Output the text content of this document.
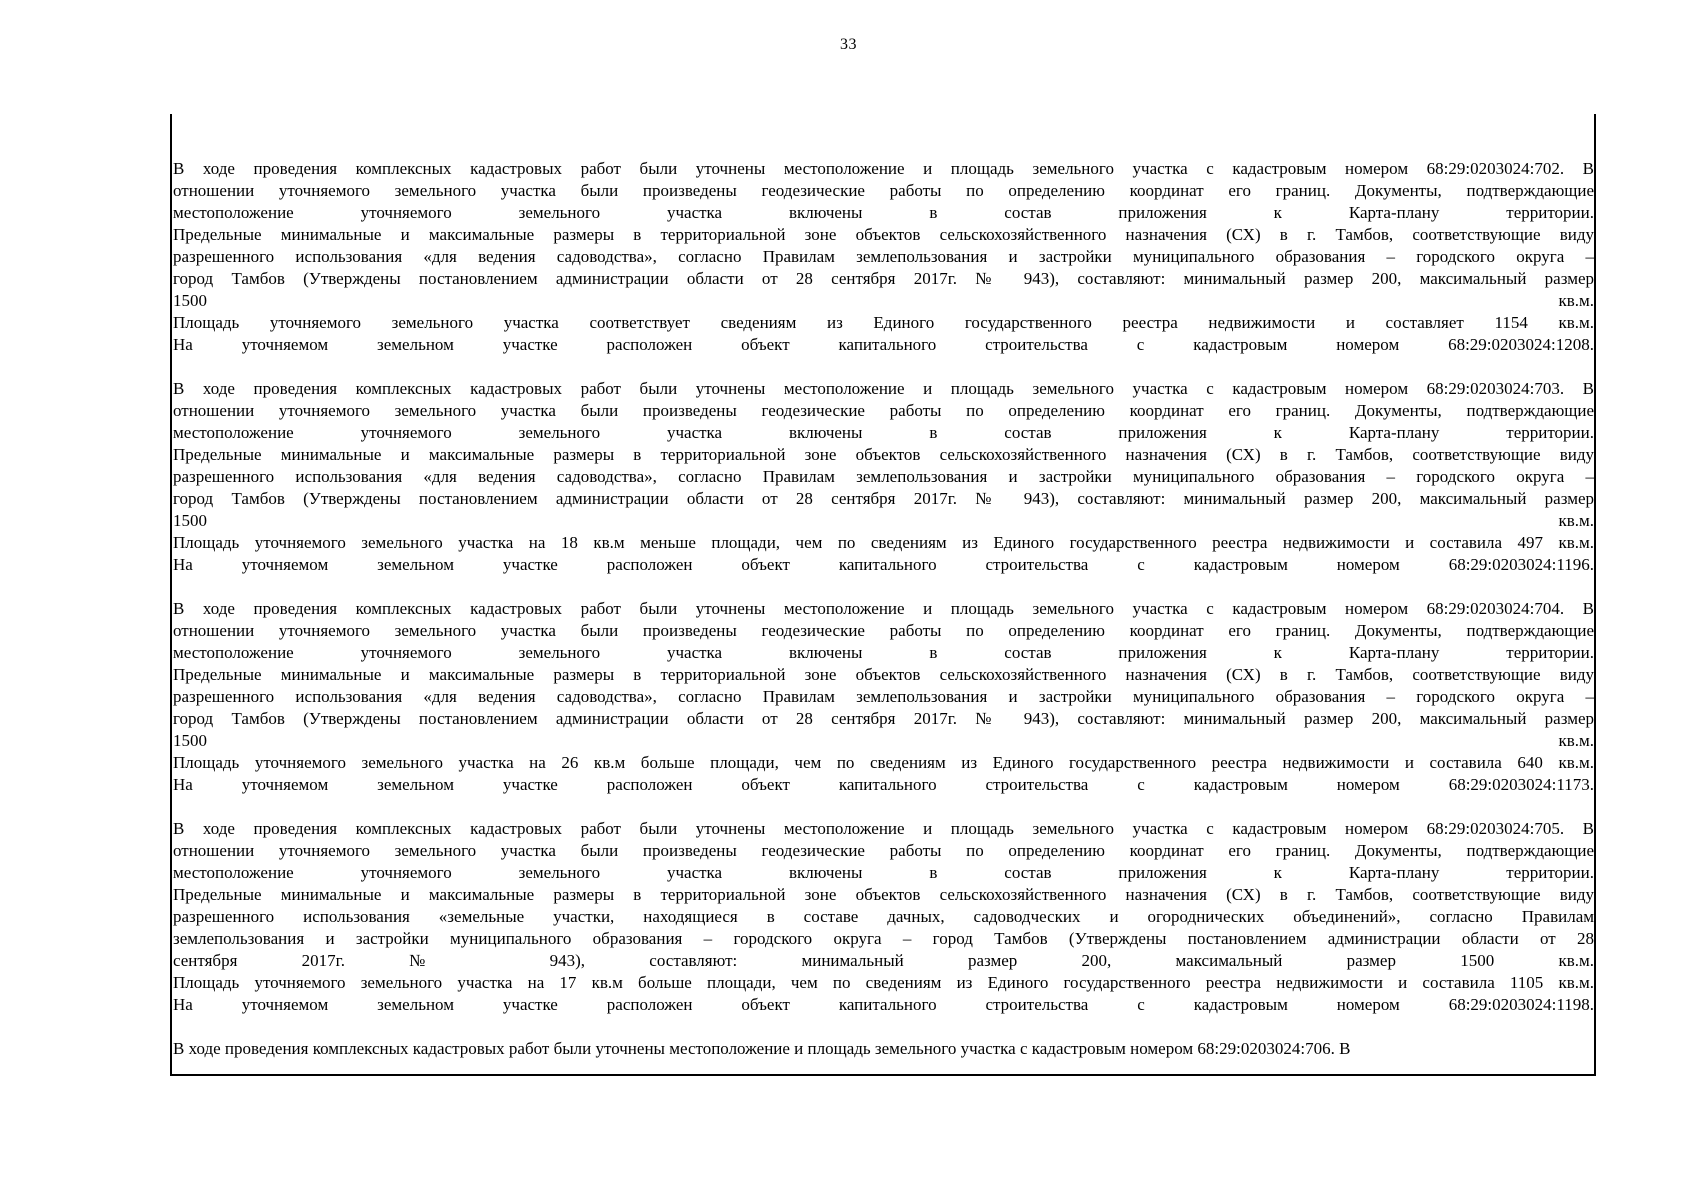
33
В ходе проведения комплексных кадастровых работ были уточнены местоположение и площадь земельного участка с кадастровым номером 68:29:0203024:702. В
отношении уточняемого земельного участка были произведены геодезические работы по определению координат его границ. Документы, подтверждающие
местоположение уточняемого земельного участка включены в состав приложения к Карта-плану территории.
Предельные минимальные и максимальные размеры в территориальной зоне объектов сельскохозяйственного назначения (СХ) в г. Тамбов, соответствующие виду
разрешенного использования «для ведения садоводства», согласно Правилам землепользования и застройки муниципального образования – городского округа –
город Тамбов (Утверждены постановлением администрации области от 28 сентября 2017г. № 943), составляют: минимальный размер 200, максимальный размер
1500 кв.м.
Площадь уточняемого земельного участка соответствует сведениям из Единого государственного реестра недвижимости и составляет 1154 кв.м.
На уточняемом земельном участке расположен объект капитального строительства с кадастровым номером 68:29:0203024:1208.
В ходе проведения комплексных кадастровых работ были уточнены местоположение и площадь земельного участка с кадастровым номером 68:29:0203024:703. В
отношении уточняемого земельного участка были произведены геодезические работы по определению координат его границ. Документы, подтверждающие
местоположение уточняемого земельного участка включены в состав приложения к Карта-плану территории.
Предельные минимальные и максимальные размеры в территориальной зоне объектов сельскохозяйственного назначения (СХ) в г. Тамбов, соответствующие виду
разрешенного использования «для ведения садоводства», согласно Правилам землепользования и застройки муниципального образования – городского округа –
город Тамбов (Утверждены постановлением администрации области от 28 сентября 2017г. № 943), составляют: минимальный размер 200, максимальный размер
1500 кв.м.
Площадь уточняемого земельного участка на 18 кв.м меньше площади, чем по сведениям из Единого государственного реестра недвижимости и составила 497 кв.м.
На уточняемом земельном участке расположен объект капитального строительства с кадастровым номером 68:29:0203024:1196.
В ходе проведения комплексных кадастровых работ были уточнены местоположение и площадь земельного участка с кадастровым номером 68:29:0203024:704. В
отношении уточняемого земельного участка были произведены геодезические работы по определению координат его границ. Документы, подтверждающие
местоположение уточняемого земельного участка включены в состав приложения к Карта-плану территории.
Предельные минимальные и максимальные размеры в территориальной зоне объектов сельскохозяйственного назначения (СХ) в г. Тамбов, соответствующие виду
разрешенного использования «для ведения садоводства», согласно Правилам землепользования и застройки муниципального образования – городского округа –
город Тамбов (Утверждены постановлением администрации области от 28 сентября 2017г. № 943), составляют: минимальный размер 200, максимальный размер
1500 кв.м.
Площадь уточняемого земельного участка на 26 кв.м больше площади, чем по сведениям из Единого государственного реестра недвижимости и составила 640 кв.м.
На уточняемом земельном участке расположен объект капитального строительства с кадастровым номером 68:29:0203024:1173.
В ходе проведения комплексных кадастровых работ были уточнены местоположение и площадь земельного участка с кадастровым номером 68:29:0203024:705. В
отношении уточняемого земельного участка были произведены геодезические работы по определению координат его границ. Документы, подтверждающие
местоположение уточняемого земельного участка включены в состав приложения к Карта-плану территории.
Предельные минимальные и максимальные размеры в территориальной зоне объектов сельскохозяйственного назначения (СХ) в г. Тамбов, соответствующие виду
разрешенного использования «земельные участки, находящиеся в составе дачных, садоводческих и огороднических объединений», согласно Правилам
землепользования и застройки муниципального образования – городского округа – город Тамбов (Утверждены постановлением администрации области от 28
сентября 2017г. № 943), составляют: минимальный размер 200, максимальный размер 1500 кв.м.
Площадь уточняемого земельного участка на 17 кв.м больше площади, чем по сведениям из Единого государственного реестра недвижимости и составила 1105 кв.м.
На уточняемом земельном участке расположен объект капитального строительства с кадастровым номером 68:29:0203024:1198.
В ходе проведения комплексных кадастровых работ были уточнены местоположение и площадь земельного участка с кадастровым номером 68:29:0203024:706. В
